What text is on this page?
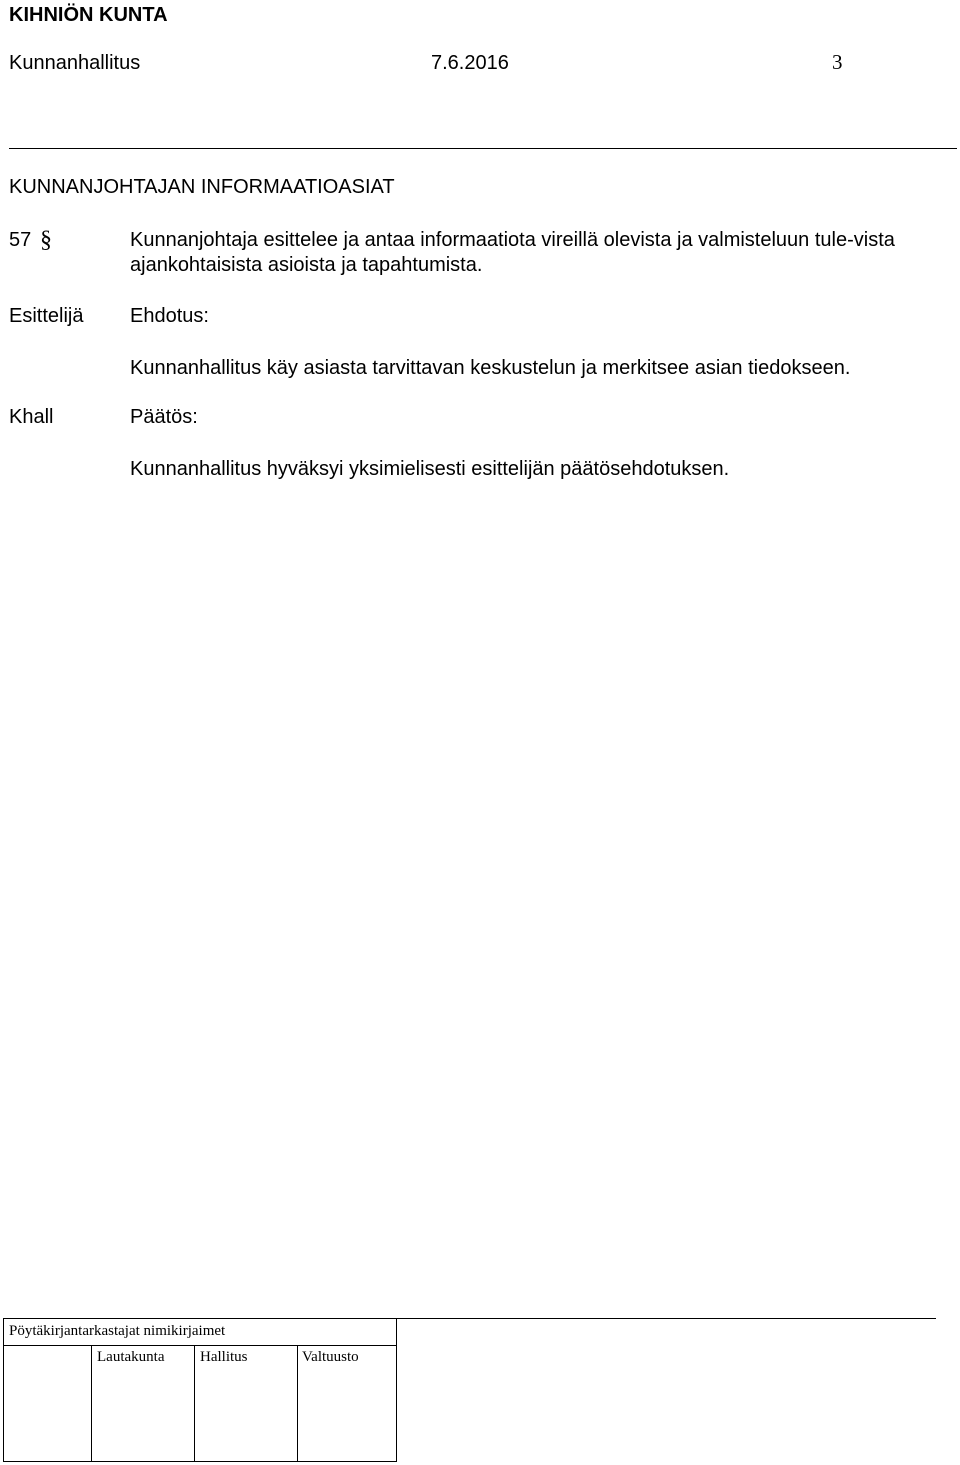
KIHNIÖN KUNTA
Kunnanhallitus	7.6.2016	3
KUNNANJOHTAJAN INFORMAATIOASIAT
57 §	Kunnanjohtaja esittelee ja antaa informaatiota vireillä olevista ja valmisteluun tule-vista ajankohtaisista asioista ja tapahtumista.
Esittelijä Ehdotus:
Kunnanhallitus käy asiasta tarvittavan keskustelun ja merkitsee asian tiedokseen.
Khall	Päätös:
Kunnanhallitus hyväksyi yksimielisesti esittelijän päätösehdotuksen.
Pöytäkirjantarkastajat nimikirjaimet
Lautakunta Hallitus	Valtuusto
